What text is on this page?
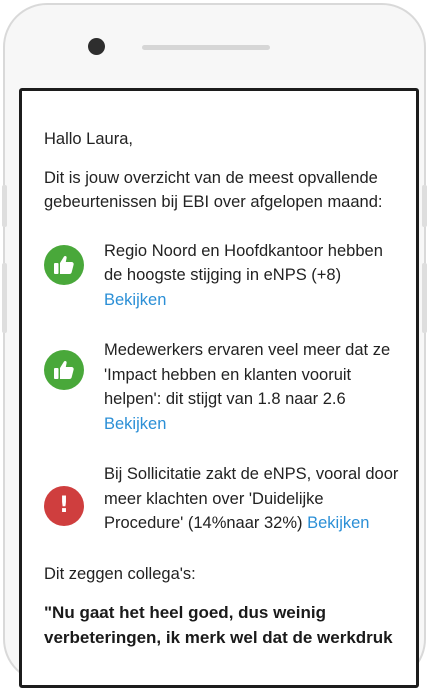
Hallo Laura,
Dit is jouw overzicht van de meest opvallende gebeurtenissen bij EBI over afgelopen maand:
Regio Noord en Hoofdkantoor hebben de hoogste stijging in eNPS (+8)
Bekijken
Medewerkers ervaren veel meer dat ze 'Impact hebben en klanten vooruit helpen': dit stijgt van 1.8 naar 2.6
Bekijken
!
Bij Sollicitatie zakt de eNPS, vooral door meer klachten over 'Duidelijke Procedure' (14%naar 32%) Bekijken
Dit zeggen collega's:
"Nu gaat het heel goed, dus weinig verbeteringen, ik merk wel dat de werkdruk
